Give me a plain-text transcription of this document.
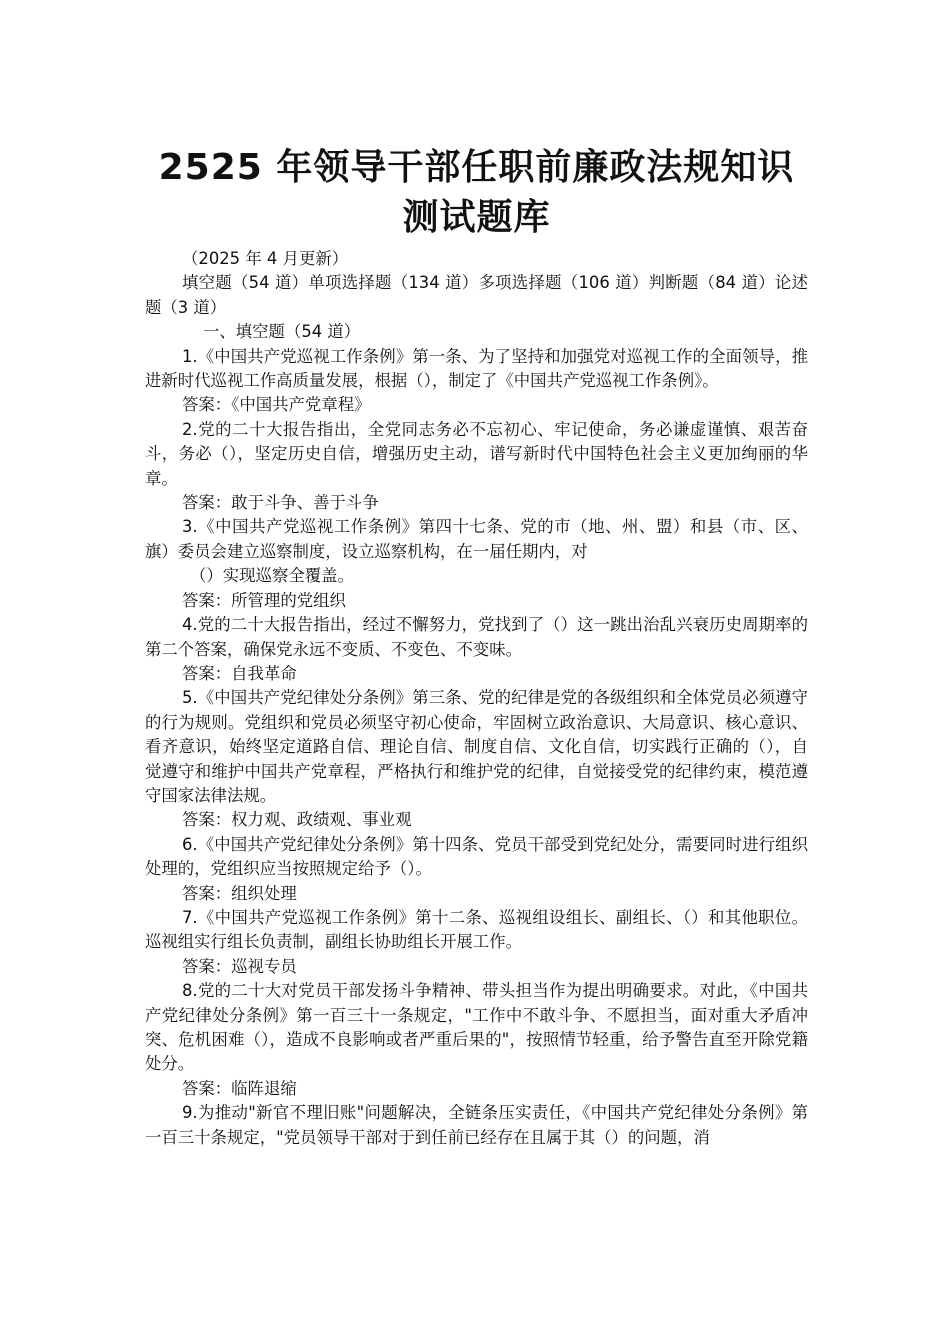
2525 年领导干部任职前廉政法规知识测试题库

（2025 年 4 月更新）

填空题（54 道）单项选择题（134 道）多项选择题（106 道）判断题（84 道）论述题（3 道）

一、填空题（54 道）

1.《中国共产党巡视工作条例》第一条、为了坚持和加强党对巡视工作的全面领导，推进新时代巡视工作高质量发展，根据（），制定了《中国共产党巡视工作条例》。

答案：《中国共产党章程》

2.党的二十大报告指出，全党同志务必不忘初心、牢记使命，务必谦虚谨慎、艰苦奋斗，务必（），坚定历史自信，增强历史主动，谱写新时代中国特色社会主义更加绚丽的华章。

答案：敢于斗争、善于斗争

3.《中国共产党巡视工作条例》第四十七条、党的市（地、州、盟）和县（市、区、旗）委员会建立巡察制度，设立巡察机构，在一届任期内，对

（）实现巡察全覆盖。

答案：所管理的党组织

4.党的二十大报告指出，经过不懈努力，党找到了（）这一跳出治乱兴衰历史周期率的第二个答案，确保党永远不变质、不变色、不变味。

答案：自我革命

5.《中国共产党纪律处分条例》第三条、党的纪律是党的各级组织和全体党员必须遵守的行为规则。党组织和党员必须坚守初心使命，牢固树立政治意识、大局意识、核心意识、看齐意识，始终坚定道路自信、理论自信、制度自信、文化自信，切实践行正确的（），自觉遵守和维护中国共产党章程，严格执行和维护党的纪律，自觉接受党的纪律约束，模范遵守国家法律法规。

答案：权力观、政绩观、事业观

6.《中国共产党纪律处分条例》第十四条、党员干部受到党纪处分，需要同时进行组织处理的，党组织应当按照规定给予（）。

答案：组织处理

7.《中国共产党巡视工作条例》第十二条、巡视组设组长、副组长、（）和其他职位。巡视组实行组长负责制，副组长协助组长开展工作。

答案：巡视专员

8.党的二十大对党员干部发扬斗争精神、带头担当作为提出明确要求。对此，《中国共产党纪律处分条例》第一百三十一条规定，"工作中不敢斗争、不愿担当，面对重大矛盾冲突、危机困难（），造成不良影响或者严重后果的"，按照情节轻重，给予警告直至开除党籍处分。

答案：临阵退缩

9.为推动"新官不理旧账"问题解决，全链条压实责任，《中国共产党纪律处分条例》第一百三十条规定，"党员领导干部对于到任前已经存在且属于其（）的问题，消
